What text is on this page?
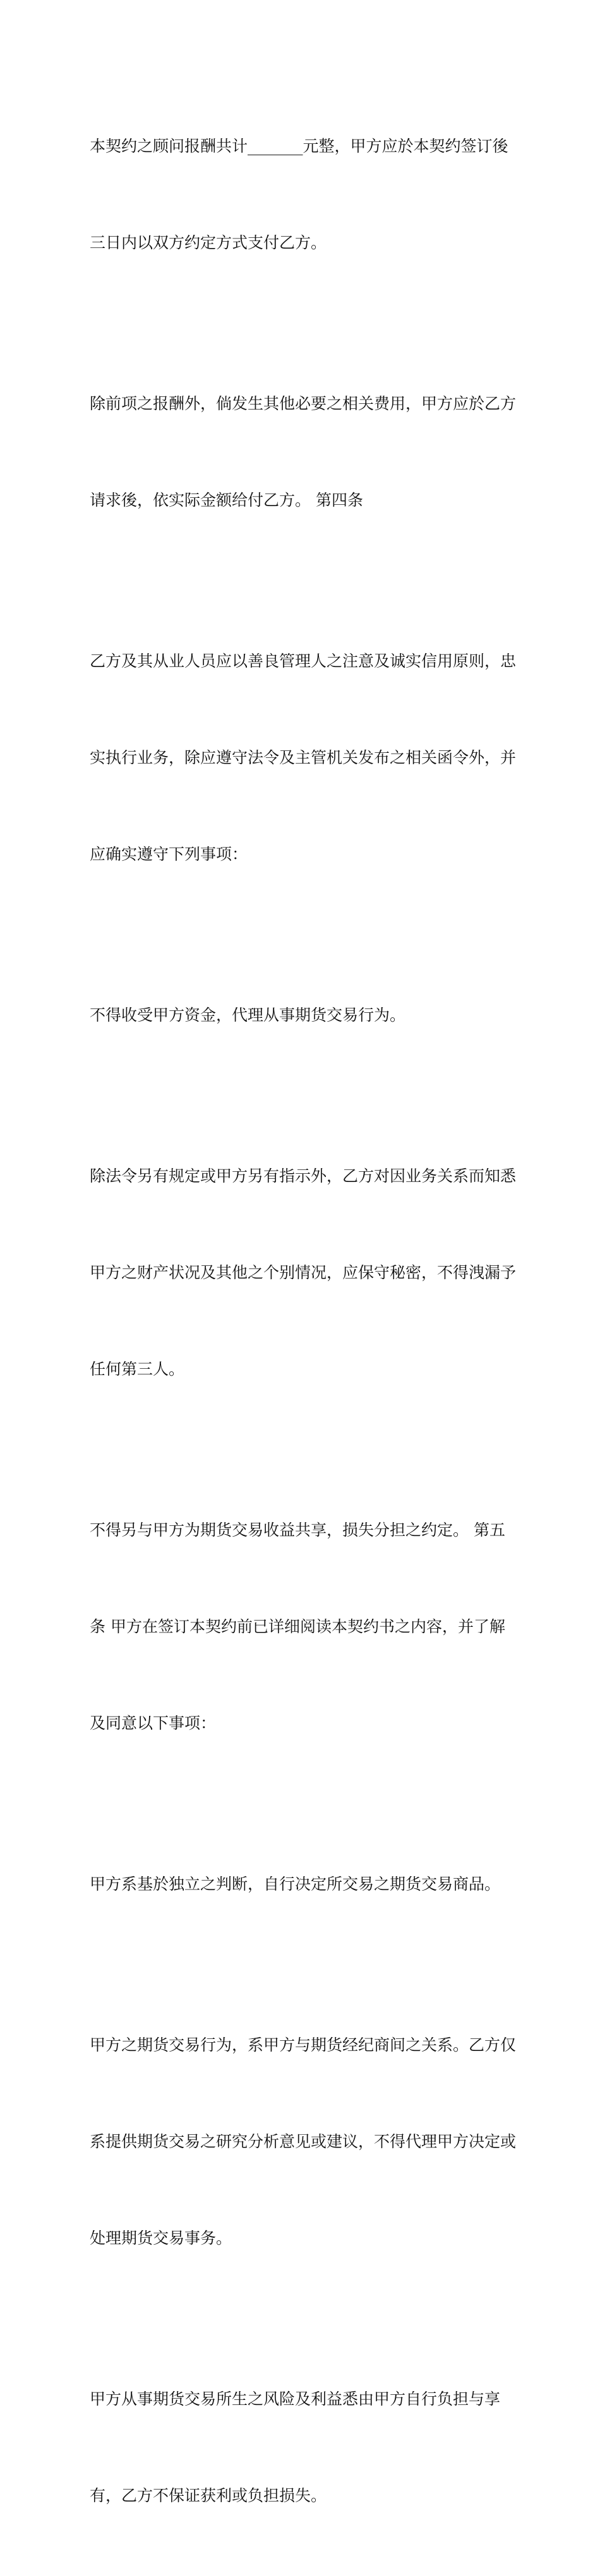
本契约之顾问报酬共计_______元整，甲方应於本契约签订後

三日内以双方约定方式支付乙方。

除前项之报酬外，倘发生其他必要之相关费用，甲方应於乙方

请求後，依实际金额给付乙方。 第四条

乙方及其从业人员应以善良管理人之注意及诚实信用原则，忠

实执行业务，除应遵守法令及主管机关发布之相关函令外，并

应确实遵守下列事项：

不得收受甲方资金，代理从事期货交易行为。

除法令另有规定或甲方另有指示外，乙方对因业务关系而知悉

甲方之财产状况及其他之个别情况，应保守秘密，不得洩漏予

任何第三人。

不得另与甲方为期货交易收益共享，损失分担之约定。 第五

条 甲方在签订本契约前已详细阅读本契约书之内容，并了解

及同意以下事项：

甲方系基於独立之判断，自行决定所交易之期货交易商品。

甲方之期货交易行为，系甲方与期货经纪商间之关系。乙方仅

系提供期货交易之研究分析意见或建议，不得代理甲方决定或

处理期货交易事务。

甲方从事期货交易所生之风险及利益悉由甲方自行负担与享

有，乙方不保证获利或负担损失。
